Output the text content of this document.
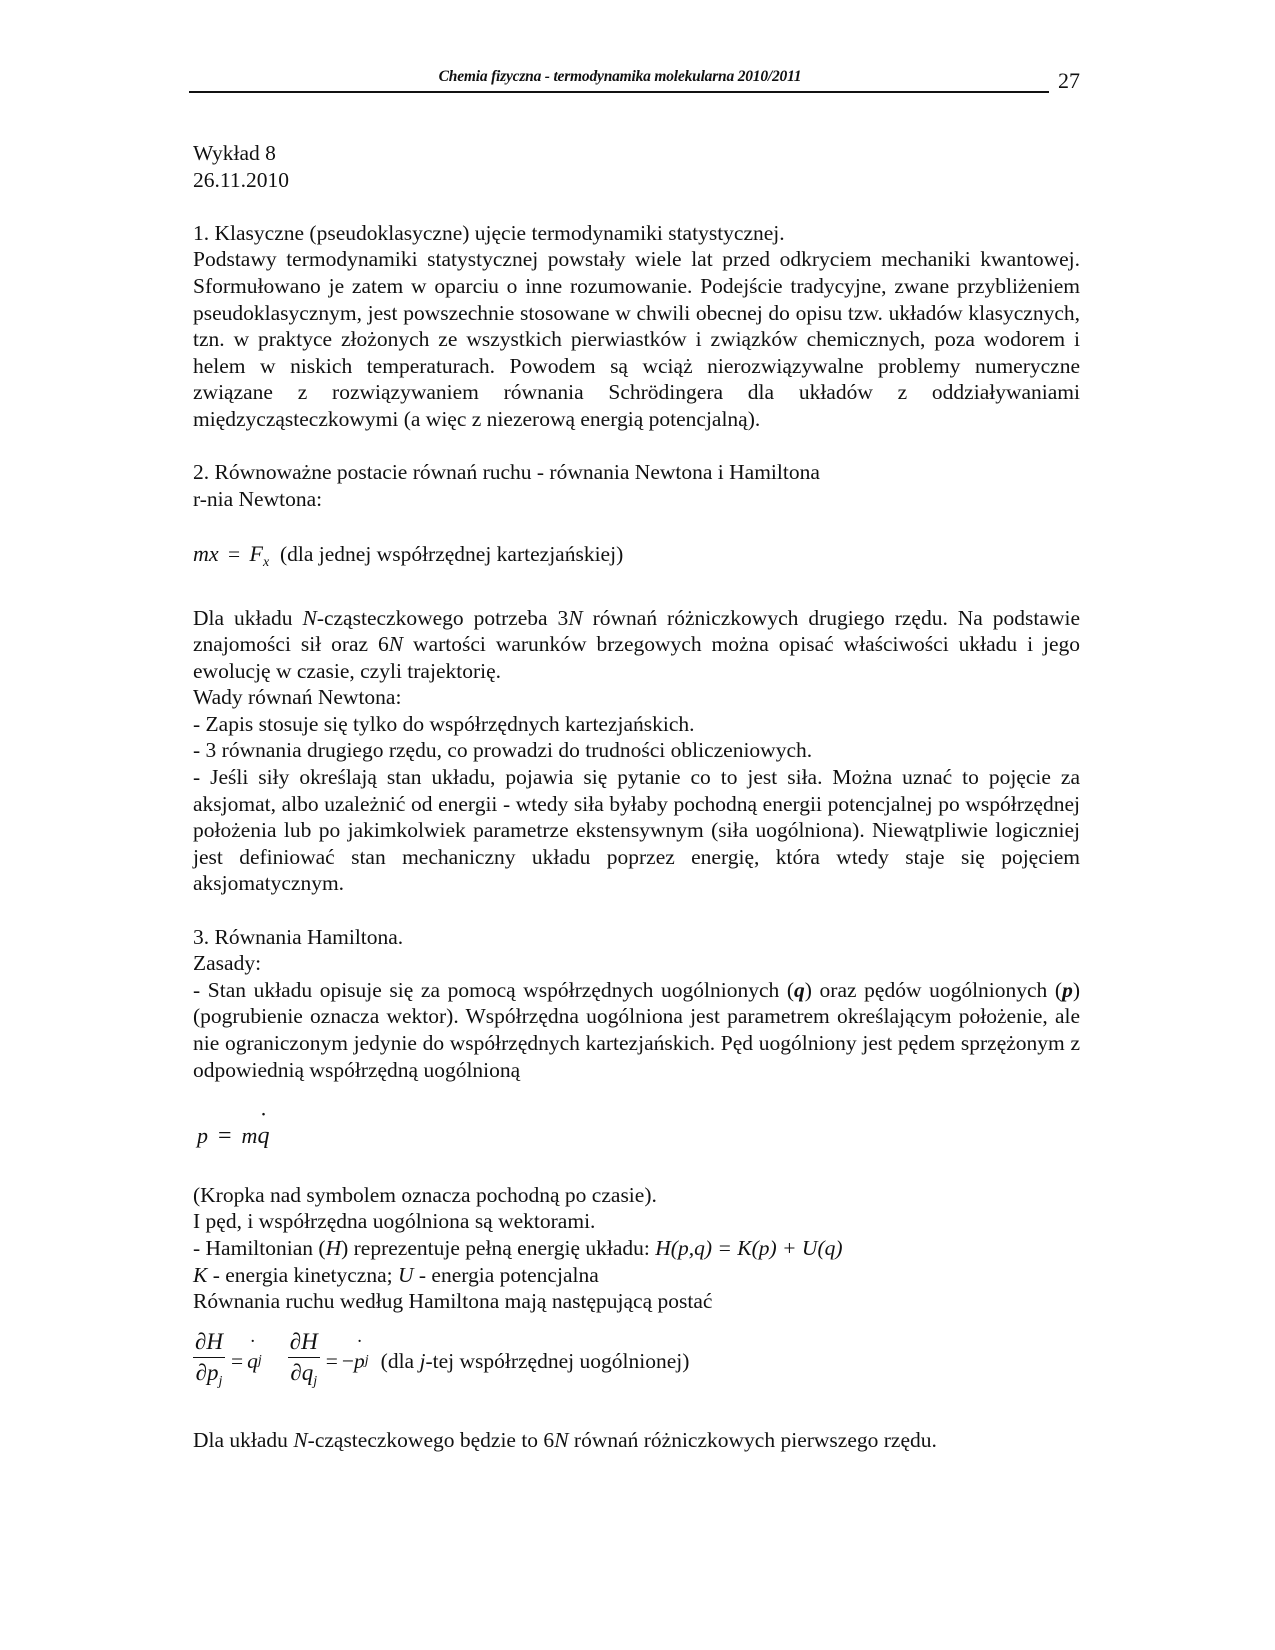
Chemia fizyczna - termodynamika molekularna 2010/2011	27

Wykład 8

26.11.2010

1. Klasyczne (pseudoklasyczne) ujęcie termodynamiki statystycznej.

Podstawy termodynamiki statystycznej powstały wiele lat przed odkryciem mechaniki kwantowej. Sformułowano je zatem w oparciu o inne rozumowanie. Podejście tradycyjne, zwane przybliżeniem pseudoklasycznym, jest powszechnie stosowane w chwili obecnej do opisu tzw. układów klasycznych, tzn. w praktyce złożonych ze wszystkich pierwiastków i związków chemicznych, poza wodorem i helem w niskich temperaturach. Powodem są wciąż nierozwiązywalne problemy numeryczne związane z rozwiązywaniem równania Schrödingera dla układów z oddziaływaniami międzycząsteczkowymi (a więc z niezerową energią potencjalną).

2. Równoważne postacie równań ruchu - równania Newtona i Hamiltona

r-nia Newtona:

mx = $F_x$ (dla jednej współrzędnej kartezjańskiej)

Dla układu N-cząsteczkowego potrzeba 3N równań różniczkowych drugiego rzędu. Na podstawie znajomości sił oraz 6N wartości warunków brzegowych można opisać właściwości układu i jego ewolucję w czasie, czyli trajektorię.

Wady równań Newtona:

- Zapis stosuje się tylko do współrzędnych kartezjańskich.

- 3 równania drugiego rzędu, co prowadzi do trudności obliczeniowych.

- Jeśli siły określają stan układu, pojawia się pytanie co to jest siła. Można uznać to pojęcie za aksjomat, albo uzależnić od energii - wtedy siła byłaby pochodną energii potencjalnej po współrzędnej położenia lub po jakimkolwiek parametrze ekstensywnym (siła uogólniona). Niewątpliwie logiczniej jest definiować stan mechaniczny układu poprzez energię, która wtedy staje się pojęciem aksjomatycznym.

3. Równania Hamiltona.

Zasady:

- Stan układu opisuje się za pomocą współrzędnych uogólnionych (q) oraz pędów uogólnionych (p) (pogrubienie oznacza wektor). Współrzędna uogólniona jest parametrem określającym położenie, ale nie ograniczonym jedynie do współrzędnych kartezjańskich. Pęd uogólniony jest pędem sprzężonym z odpowiednią współrzędną uogólnioną

p = m˙ q

(Kropka nad symbolem oznacza pochodną po czasie).

I pęd, i współrzędna uogólniona są wektorami.

- Hamiltonian (H) reprezentuje pełną energię układu: H(p,q) = K(p) + U(q)

K - energia kinetyczna; U - energia potencjalna

Równania ruchu według Hamiltona mają następującą postać

$\frac{\partial H}{\partial p_j}$ = ˙ q j $\frac{\partial H}{\partial q_j}$ = − ˙ p j (dla j-tej współrzędnej uogólnionej)

Dla układu N-cząsteczkowego będzie to 6N równań różniczkowych pierwszego rzędu.
